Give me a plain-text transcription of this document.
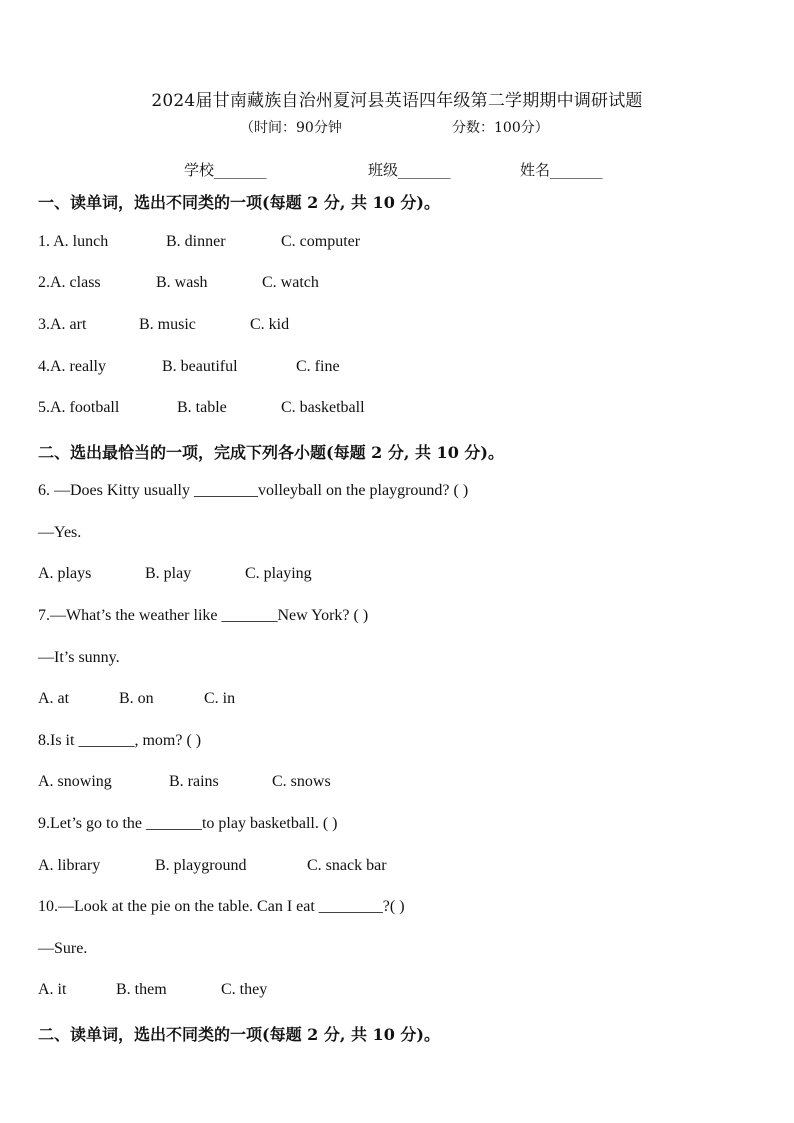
2024届甘南藏族自治州夏河县英语四年级第二学期期中调研试题
（时间：90分钟	分数：100分）
学校_______	班级_______	姓名_______
一、读单词，选出不同类的一项(每题 2 分, 共 10 分)。
1. A. lunch	B. dinner	C. computer
2.A. class	B. wash	C. watch
3.A. art	B. music	C. kid
4.A. really	B. beautiful	C. fine
5.A. football	B. table	C. basketball
二、选出最恰当的一项，完成下列各小题(每题 2 分, 共 10 分)。
6. —Does Kitty usually ________volleyball on the playground? ( )
—Yes.
A. plays	B. play	C. playing
7.—What’s the weather like _______New York? ( )
—It’s sunny.
A. at	B. on	C. in
8.Is it _______, mom? ( )
A. snowing	B. rains	C. snows
9.Let’s go to the _______to play basketball. ( )
A. library	B. playground	C. snack bar
10.—Look at the pie on the table. Can I eat ________?( )
—Sure.
A. it	B. them	C. they
二、读单词，选出不同类的一项(每题 2 分, 共 10 分)。
